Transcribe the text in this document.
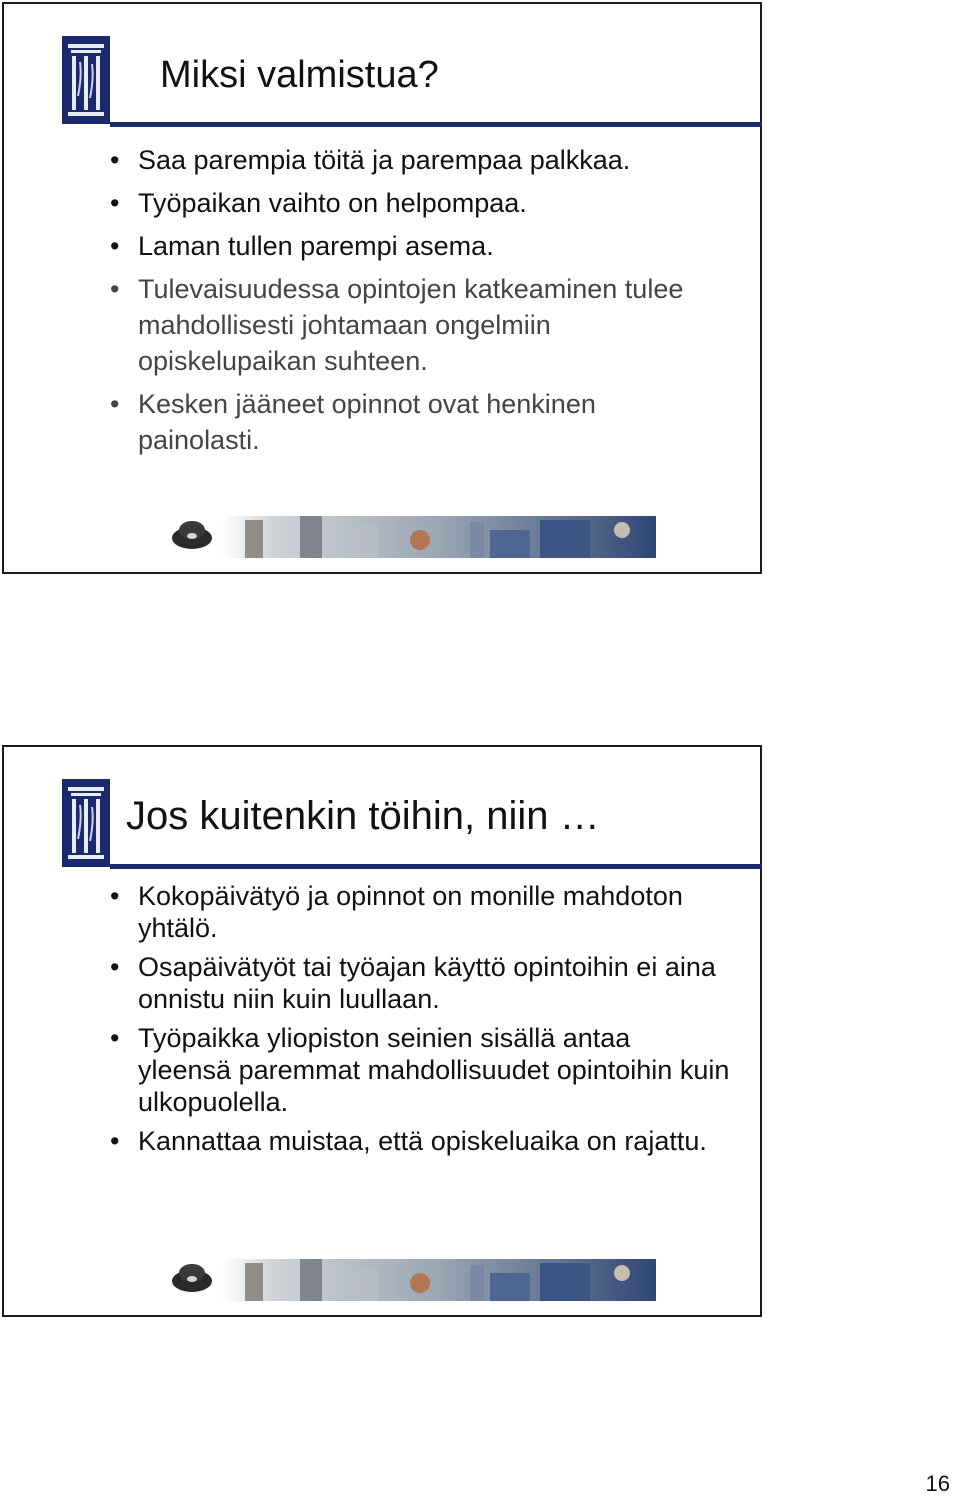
Miksi valmistua?
• Saa parempia töitä ja parempaa palkkaa.
• Työpaikan vaihto on helpompaa.
• Laman tullen parempi asema.
• Tulevaisuudessa opintojen katkeaminen tulee mahdollisesti johtamaan ongelmiin opiskelupaikan suhteen.
• Kesken jääneet opinnot ovat henkinen painolasti.
Jos kuitenkin töihin, niin …
• Kokopäivätyö ja opinnot on monille mahdoton yhtälö.
• Osapäivätyöt tai työajan käyttö opintoihin ei aina onnistu niin kuin luullaan.
• Työpaikka yliopiston seinien sisällä antaa yleensä paremmat mahdollisuudet opintoihin kuin ulkopuolella.
• Kannattaa muistaa, että opiskeluaika on rajattu.
16
